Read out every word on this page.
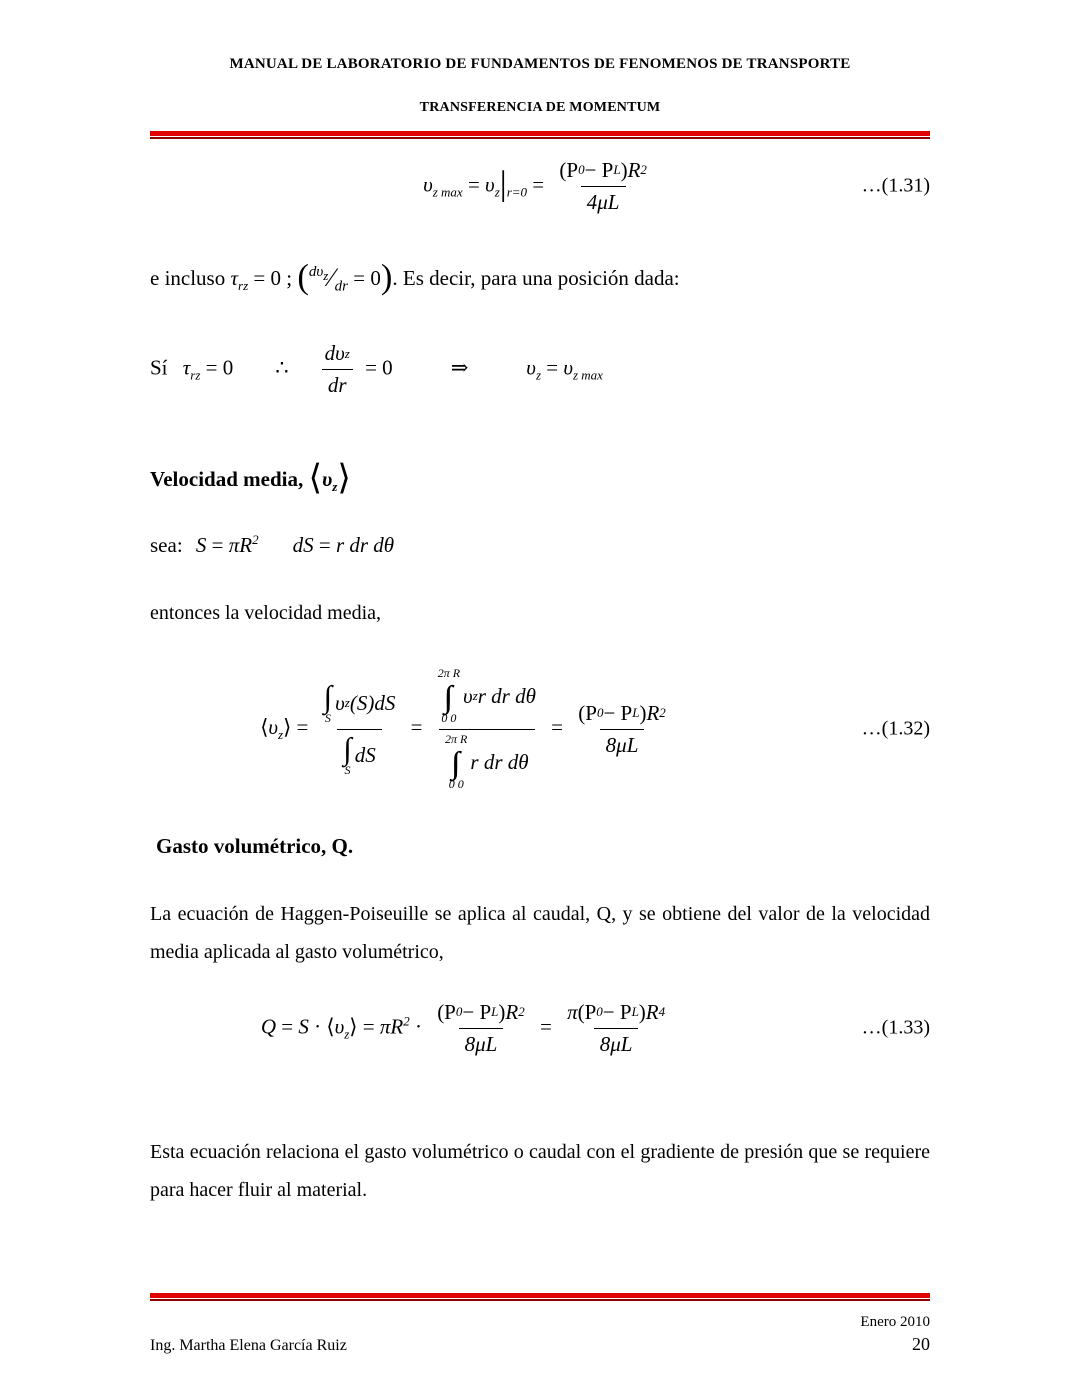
MANUAL DE LABORATORIO DE FUNDAMENTOS DE FENOMENOS DE TRANSPORTE
TRANSFERENCIA DE MOMENTUM
$\upsilon_{z max} = \upsilon_z|_{r=0} = \frac{\text{(P 0 − P L ) R 2}}{4\mu L}$	…(1.31)
e incluso $\tau_{rz} = 0$ ; $(^{d\upsilon_z}⁄_{dr} = 0)$. Es decir, para una posición dada:
Sí $\tau_{rz} = 0$ ∴ $\frac{\text{dυ z}}{dr} = 0$	⇒	$\upsilon_z = \upsilon_{z max}$
Velocidad media, $⟨\upsilon_z⟩$
sea: $S = \pi R^2$ dS = r dr dθ
entonces la velocidad media,
$⟨\upsilon_z⟩$ = ∫
S
υ z (S)dS
∫
S
dS = 2π R
0 0
υ z r dr dθ
2π R
0 0
r dr $d\theta = \frac{\text{(P 0 − P L ) R 2}}{8\mu L}$	…(1.32)
Gasto volumétrico, Q.
La ecuación de Haggen-Poiseuille se aplica al caudal, Q, y se obtiene del valor de la velocidad media aplicada al gasto volumétrico,
$Q = S \cdot ⟨\upsilon_z⟩ = \pi R^2 \cdot \frac{\text{(P 0 − P L ) R 2}}{8\mu L} = \frac{\text{π (P 0 − P L ) R 4}}{8\mu L}$	…(1.33)
Esta ecuación relaciona el gasto volumétrico o caudal con el gradiente de presión que se requiere para hacer fluir al material.
Enero 2010
Ing. Martha Elena García Ruiz	20
